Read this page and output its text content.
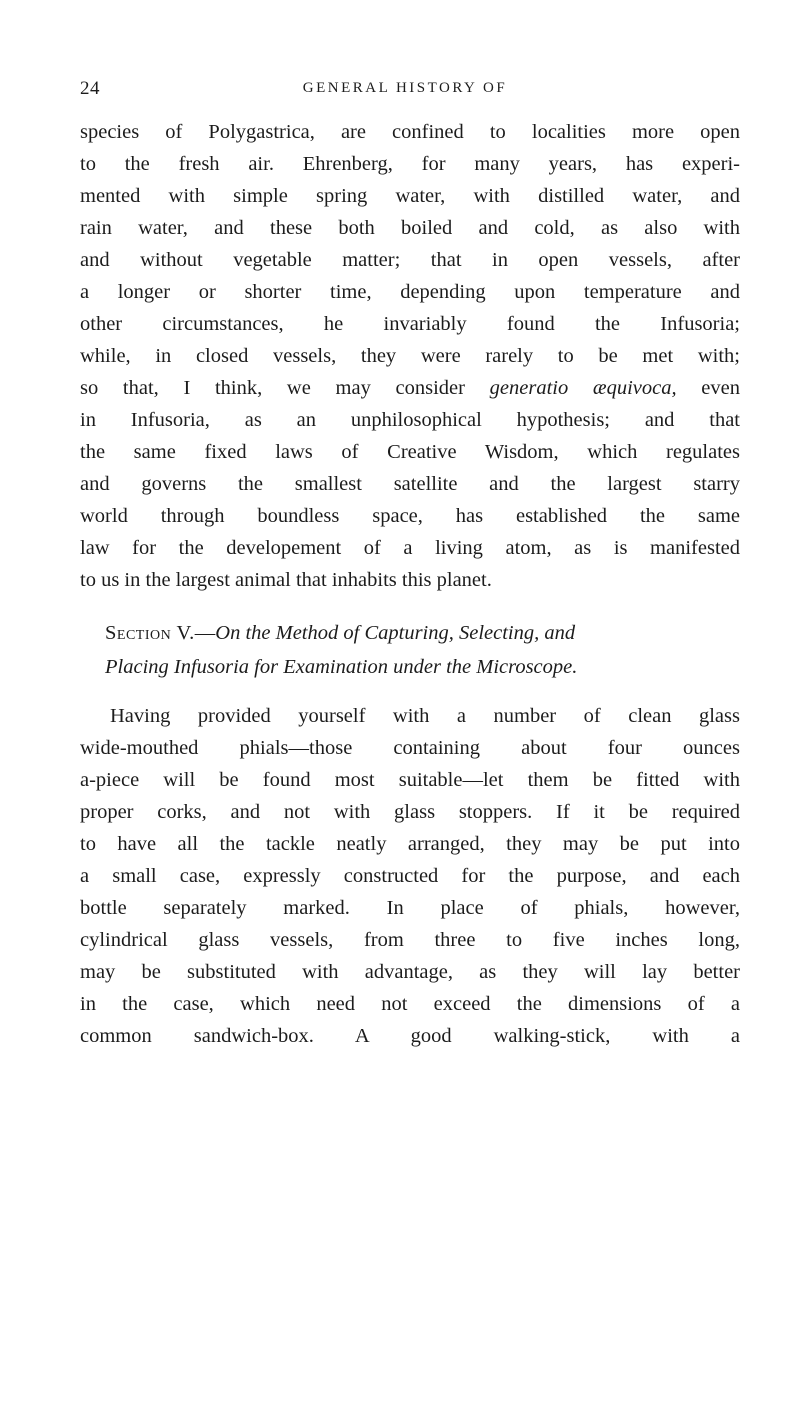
24	GENERAL HISTORY OF
species of Polygastrica, are confined to localities more open
to the fresh air. Ehrenberg, for many years, has experi-
mented with simple spring water, with distilled water, and
rain water, and these both boiled and cold, as also with
and without vegetable matter; that in open vessels, after
a longer or shorter time, depending upon temperature and
other circumstances, he invariably found the Infusoria;
while, in closed vessels, they were rarely to be met with;
so that, I think, we may consider generatio æquivoca, even
in Infusoria, as an unphilosophical hypothesis; and that
the same fixed laws of Creative Wisdom, which regulates
and governs the smallest satellite and the largest starry
world through boundless space, has established the same
law for the developement of a living atom, as is manifested
to us in the largest animal that inhabits this planet.
Section V.—On the Method of Capturing, Selecting, and
Placing Infusoria for Examination under the Microscope.
Having provided yourself with a number of clean glass
wide-mouthed phials—those containing about four ounces
a-piece will be found most suitable—let them be fitted with
proper corks, and not with glass stoppers. If it be required
to have all the tackle neatly arranged, they may be put into
a small case, expressly constructed for the purpose, and each
bottle separately marked. In place of phials, however,
cylindrical glass vessels, from three to five inches long,
may be substituted with advantage, as they will lay better
in the case, which need not exceed the dimensions of a
common sandwich-box. A good walking-stick, with a
